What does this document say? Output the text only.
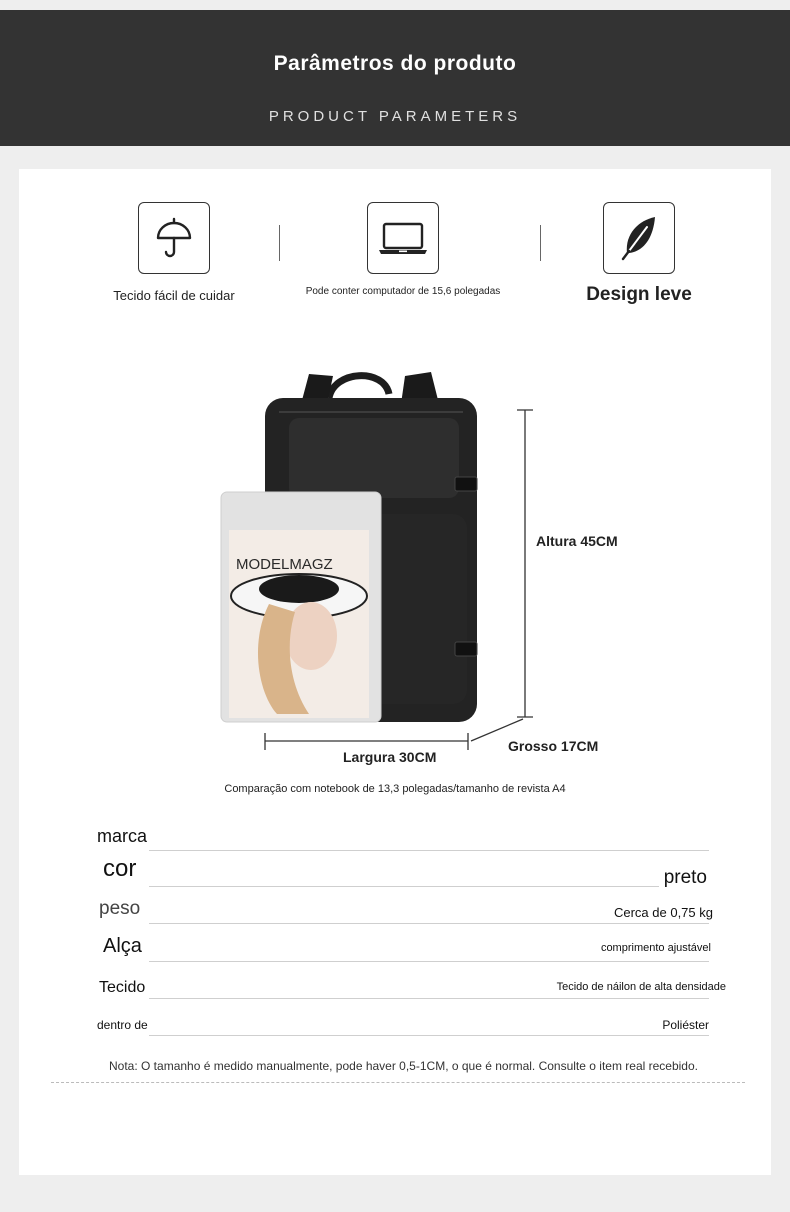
Parâmetros do produto
PRODUCT PARAMETERS
Tecido fácil de cuidar	Pode conter computador de 15,6 polegadas	Design leve
MODELMAGZ
Altura 45CM
Largura 30CM
Grosso 17CM
Comparação com notebook de 13,3 polegadas/tamanho de revista A4
marca
cor	preto
peso	Cerca de 0,75 kg
Alça	comprimento ajustável
Tecido	Tecido de náilon de alta densidade
dentro de	Poliéster
Nota: O tamanho é medido manualmente, pode haver 0,5-1CM, o que é normal. Consulte o item real recebido.
